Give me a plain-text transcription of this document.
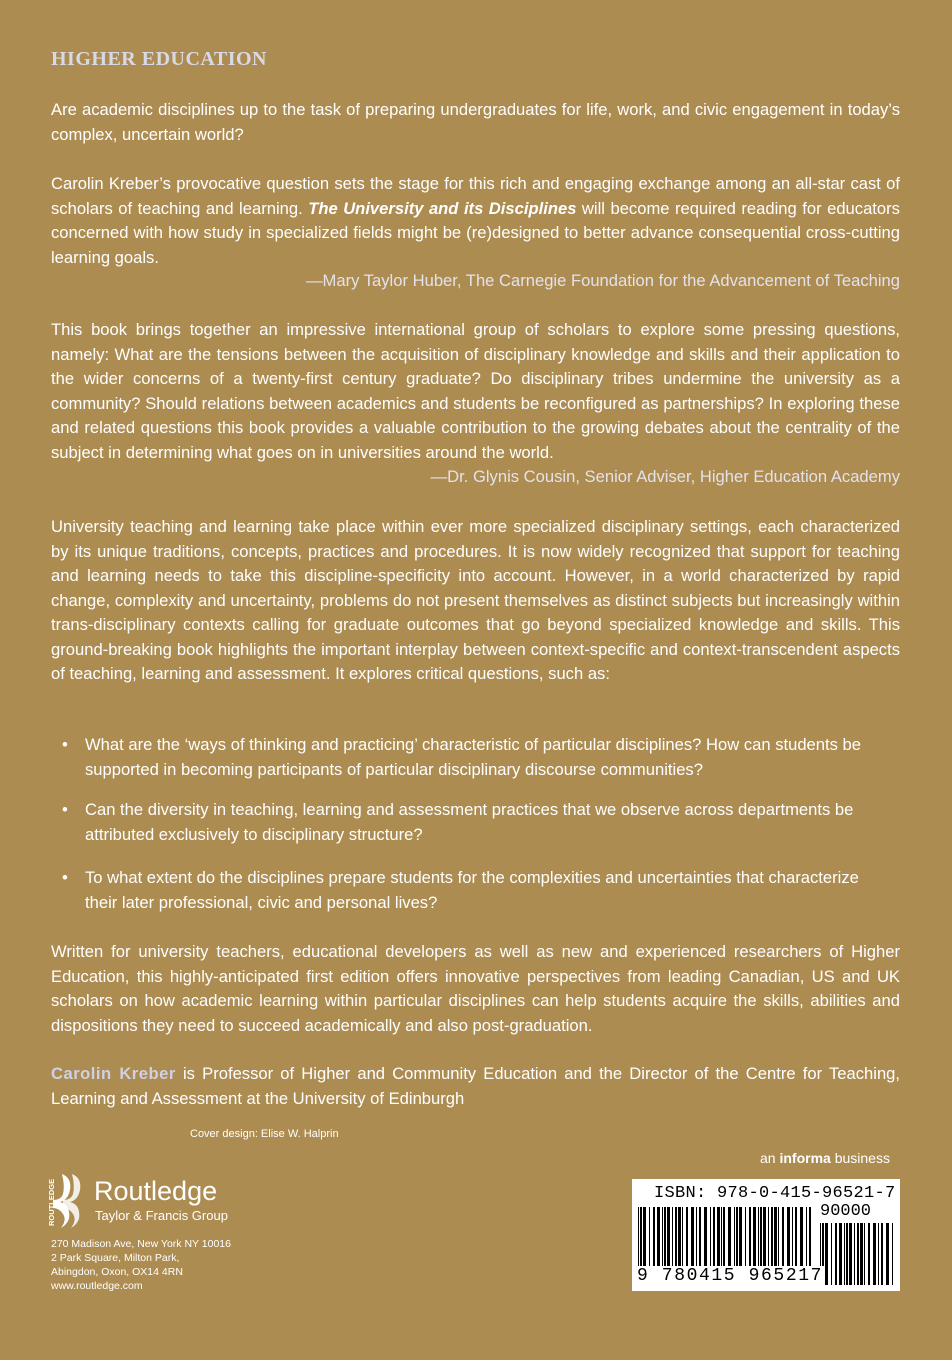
HIGHER EDUCATION

Are academic disciplines up to the task of preparing undergraduates for life, work, and civic engagement in today’s complex, uncertain world?

Carolin Kreber’s provocative question sets the stage for this rich and engaging exchange among an all-star cast of scholars of teaching and learning. The University and its Disciplines will become required reading for educators concerned with how study in specialized fields might be (re)designed to better advance consequential cross-cutting learning goals.

—Mary Taylor Huber, The Carnegie Foundation for the Advancement of Teaching

This book brings together an impressive international group of scholars to explore some pressing questions, namely: What are the tensions between the acquisition of disciplinary knowledge and skills and their application to the wider concerns of a twenty-first century graduate? Do disciplinary tribes undermine the university as a community? Should relations between academics and students be reconfigured as partnerships? In exploring these and related questions this book provides a valuable contribution to the growing debates about the centrality of the subject in determining what goes on in universities around the world.

—Dr. Glynis Cousin, Senior Adviser, Higher Education Academy

University teaching and learning take place within ever more specialized disciplinary settings, each characterized by its unique traditions, concepts, practices and procedures. It is now widely recognized that support for teaching and learning needs to take this discipline-specificity into account. However, in a world characterized by rapid change, complexity and uncertainty, problems do not present themselves as distinct subjects but increasingly within trans-disciplinary contexts calling for graduate outcomes that go beyond specialized knowledge and skills. This ground-breaking book highlights the important interplay between context-specific and context-transcendent aspects of teaching, learning and assessment. It explores critical questions, such as:

• What are the ‘ways of thinking and practicing’ characteristic of particular disciplines? How can students be supported in becoming participants of particular disciplinary discourse communities?
• Can the diversity in teaching, learning and assessment practices that we observe across departments be attributed exclusively to disciplinary structure?
• To what extent do the disciplines prepare students for the complexities and uncertainties that characterize their later professional, civic and personal lives?

Written for university teachers, educational developers as well as new and experienced researchers of Higher Education, this highly-anticipated first edition offers innovative perspectives from leading Canadian, US and UK scholars on how academic learning within particular disciplines can help students acquire the skills, abilities and dispositions they need to succeed academically and also post-graduation.

Carolin Kreber is Professor of Higher and Community Education and the Director of the Centre for Teaching, Learning and Assessment at the University of Edinburgh

Cover design: Elise W. Halprin
an informa business
ROUTLEDGE Routledge
Taylor & Francis Group
270 Madison Ave, New York NY 10016
2 Park Square, Milton Park,
Abingdon, Oxon, OX14 4RN
www.routledge.com
ISBN: 978-0-415-96521-7
90000
9 780415 965217
